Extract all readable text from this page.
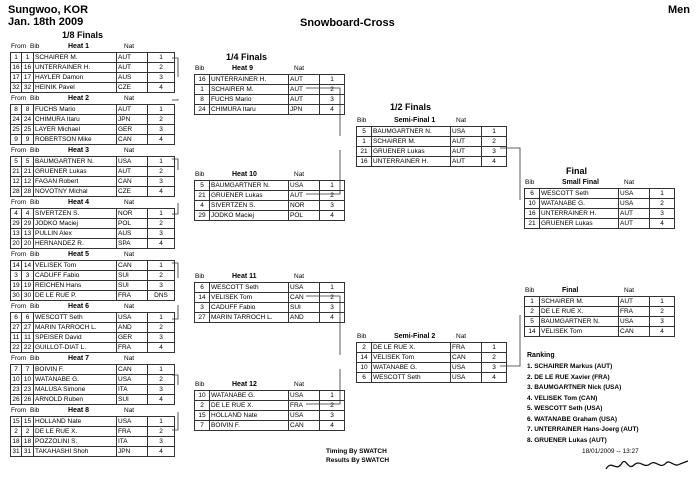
Sungwoo, KOR
Jan. 18th 2009
Men
Snowboard-Cross
1/8 Finals
1/4 Finals
1/2 Finals
Final
From Bib	Heat 1	Nat
1	1	SCHAIRER M.	AUT	1
16	16	UNTERRAINER H.	AUT	2
17	17	HAYLER Damon	AUS	3
32	32	HEINIK Pavel	CZE	4
From Bib	Heat 2	Nat
8	8	FUCHS Mario	AUT	1
24	24	CHIMURA Itaru	JPN	2
25	25	LAYER Michael	GER	3
9	9	ROBERTSON Mike	CAN	4
From Bib	Heat 3	Nat
5	5	BAUMGARTNER N.	USA	1
21	21	GRUENER Lukas	AUT	2
12	12	FAGAN Robert	CAN	3
28	28	NOVOTNY Michal	CZE	4
From Bib	Heat 4	Nat
4	4	SIVERTZEN S.	NOR	1
29	29	JODKO Maciej	POL	2
13	13	PULLIN Alex	AUS	3
20	20	HERNANDEZ R.	SPA	4
From Bib	Heat 5	Nat
14	14	VELISEK Tom	CAN	1
3	3	CADUFF Fabio	SUI	2
19	19	REICHEN Hans	SUI	3
30	30	DE LE RUE P.	FRA	DNS
From Bib	Heat 6	Nat
6	6	WESCOTT Seth	USA	1
27	27	MARIN TARROCH L.	AND	2
11	11	SPEISER David	GER	3
22	22	GUILLOT-DIAT L.	FRA	4
From Bib	Heat 7	Nat
7	7	BOIVIN F.	CAN	1
10	10	WATANABE G.	USA	2
23	23	MALUSA Simone	ITA	3
26	26	ARNOLD Ruben	SUI	4
From Bib	Heat 8	Nat
15	15	HOLLAND Nate	USA	1
2	2	DE LE RUE X.	FRA	2
18	18	POZZOLINI S.	ITA	3
31	31	TAKAHASHI Shoh	JPN	4
Bib	Heat 9	Nat
16	UNTERRAINER H.	AUT	1
1	SCHAIRER M.	AUT	2
8	FUCHS Mario	AUT	3
24	CHIMURA Itaru	JPN	4
Bib	Heat 10	Nat
5	BAUMGARTNER N.	USA	1
21	GRUENER Lukas	AUT	2
4	SIVERTZEN S.	NOR	3
29	JODKO Maciej	POL	4
Bib	Heat 11	Nat
6	WESCOTT Seth	USA	1
14	VELISEK Tom	CAN	2
3	CADUFF Fabio	SUI	3
27	MARIN TARROCH L.	AND	4
Bib	Heat 12	Nat
10	WATANABE G.	USA	1
2	DE LE RUE X.	FRA	2
15	HOLLAND Nate	USA	3
7	BOIVIN F.	CAN	4
Bib	Semi-Final 1	Nat
5	BAUMGARTNER N.	USA	1
1	SCHAIRER M.	AUT	2
21	GRUENER Lukas	AUT	3
16	UNTERRAINER H.	AUT	4
Bib	Semi-Final 2	Nat
2	DE LE RUE X.	FRA	1
14	VELISEK Tom	CAN	2
10	WATANABE G.	USA	3
6	WESCOTT Seth	USA	4
Bib	Small Final	Nat
6	WESCOTT Seth	USA	1
10	WATANABE G.	USA	2
16	UNTERRAINER H.	AUT	3
21	GRUENER Lukas	AUT	4
Bib	Final	Nat
1	SCHAIRER M.	AUT	1
2	DE LE RUE X.	FRA	2
5	BAUMGARTNER N.	USA	3
14	VELISEK Tom	CAN	4
Ranking
1. SCHAIRER Markus (AUT)
2. DE LE RUE Xavier (FRA)
3. BAUMGARTNER Nick (USA)
4. VELISEK Tom (CAN)
5. WESCOTT Seth (USA)
6. WATANABE Graham (USA)
7. UNTERRAINER Hans-Joerg (AUT)
8. GRUENER Lukas (AUT)
Timing By SWATCH
Results By SWATCH
18/01/2009 -- 13:27
